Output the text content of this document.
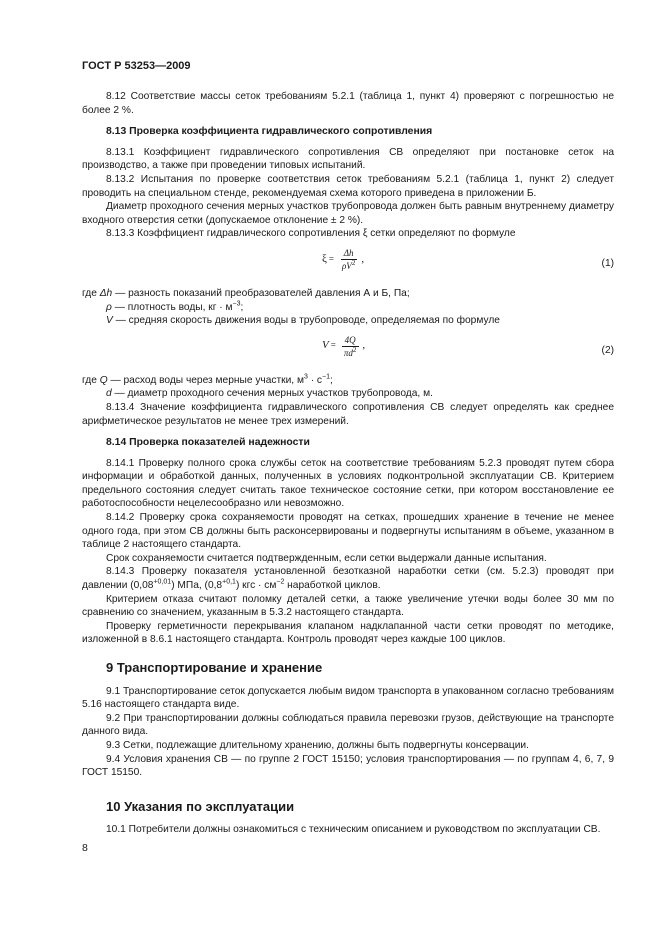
ГОСТ Р 53253—2009

8.12 Соответствие массы сеток требованиям 5.2.1 (таблица 1, пункт 4) проверяют с погрешностью не более 2 %.

8.13 Проверка коэффициента гидравлического сопротивления

8.13.1 Коэффициент гидравлического сопротивления СВ определяют при постановке сеток на производство, а также при проведении типовых испытаний.

8.13.2 Испытания по проверке соответствия сеток требованиям 5.2.1 (таблица 1, пункт 2) следует проводить на специальном стенде, рекомендуемая схема которого приведена в приложении Б.

Диаметр проходного сечения мерных участков трубопровода должен быть равным внутреннему диаметру входного отверстия сетки (допускаемое отклонение ± 2 %).

8.13.3 Коэффициент гидравлического сопротивления ξ сетки определяют по формуле

$\xi = \frac{\Delta h}{\rho V^2}$ ,	(1)

где Δh — разность показаний преобразователей давления А и Б, Па;

ρ — плотность воды, кг · $м^{-3}$;

V — средняя скорость движения воды в трубопроводе, определяемая по формуле

$V = \frac{4Q}{\pi d^2}$ ,	(2)

где Q — расход воды через мерные участки, $м^3 \cdot с^{-1}$;

d — диаметр проходного сечения мерных участков трубопровода, м.

8.13.4 Значение коэффициента гидравлического сопротивления СВ следует определять как среднее арифметическое результатов не менее трех измерений.

8.14 Проверка показателей надежности

8.14.1 Проверку полного срока службы сеток на соответствие требованиям 5.2.3 проводят путем сбора информации и обработкой данных, полученных в условиях подконтрольной эксплуатации СВ. Критерием предельного состояния следует считать такое техническое состояние сетки, при котором восстановление ее работоспособности нецелесообразно или невозможно.

8.14.2 Проверку срока сохраняемости проводят на сетках, прошедших хранение в течение не менее одного года, при этом СВ должны быть расконсервированы и подвергнуты испытаниям в объеме, указанном в таблице 2 настоящего стандарта.

Срок сохраняемости считается подтвержденным, если сетки выдержали данные испытания.

8.14.3 Проверку показателя установленной безотказной наработки сетки (см. 5.2.3) проводят при давлении $(0,08^{+0,01})$ МПа, $(0,8^{+0,1})$ кгс · $см^{-2}$ наработкой циклов.

Критерием отказа считают поломку деталей сетки, а также увеличение утечки воды более 30 мм по сравнению со значением, указанным в 5.3.2 настоящего стандарта.

Проверку герметичности перекрывания клапаном надклапанной части сетки проводят по методике, изложенной в 8.6.1 настоящего стандарта. Контроль проводят через каждые 100 циклов.

9 Транспортирование и хранение

9.1 Транспортирование сеток допускается любым видом транспорта в упакованном согласно требованиям 5.16 настоящего стандарта виде.

9.2 При транспортировании должны соблюдаться правила перевозки грузов, действующие на транспорте данного вида.

9.3 Сетки, подлежащие длительному хранению, должны быть подвергнуты консервации.

9.4 Условия хранения СВ — по группе 2 ГОСТ 15150; условия транспортирования — по группам 4, 6, 7, 9 ГОСТ 15150.

10 Указания по эксплуатации

10.1 Потребители должны ознакомиться с техническим описанием и руководством по эксплуатации СВ.

8
